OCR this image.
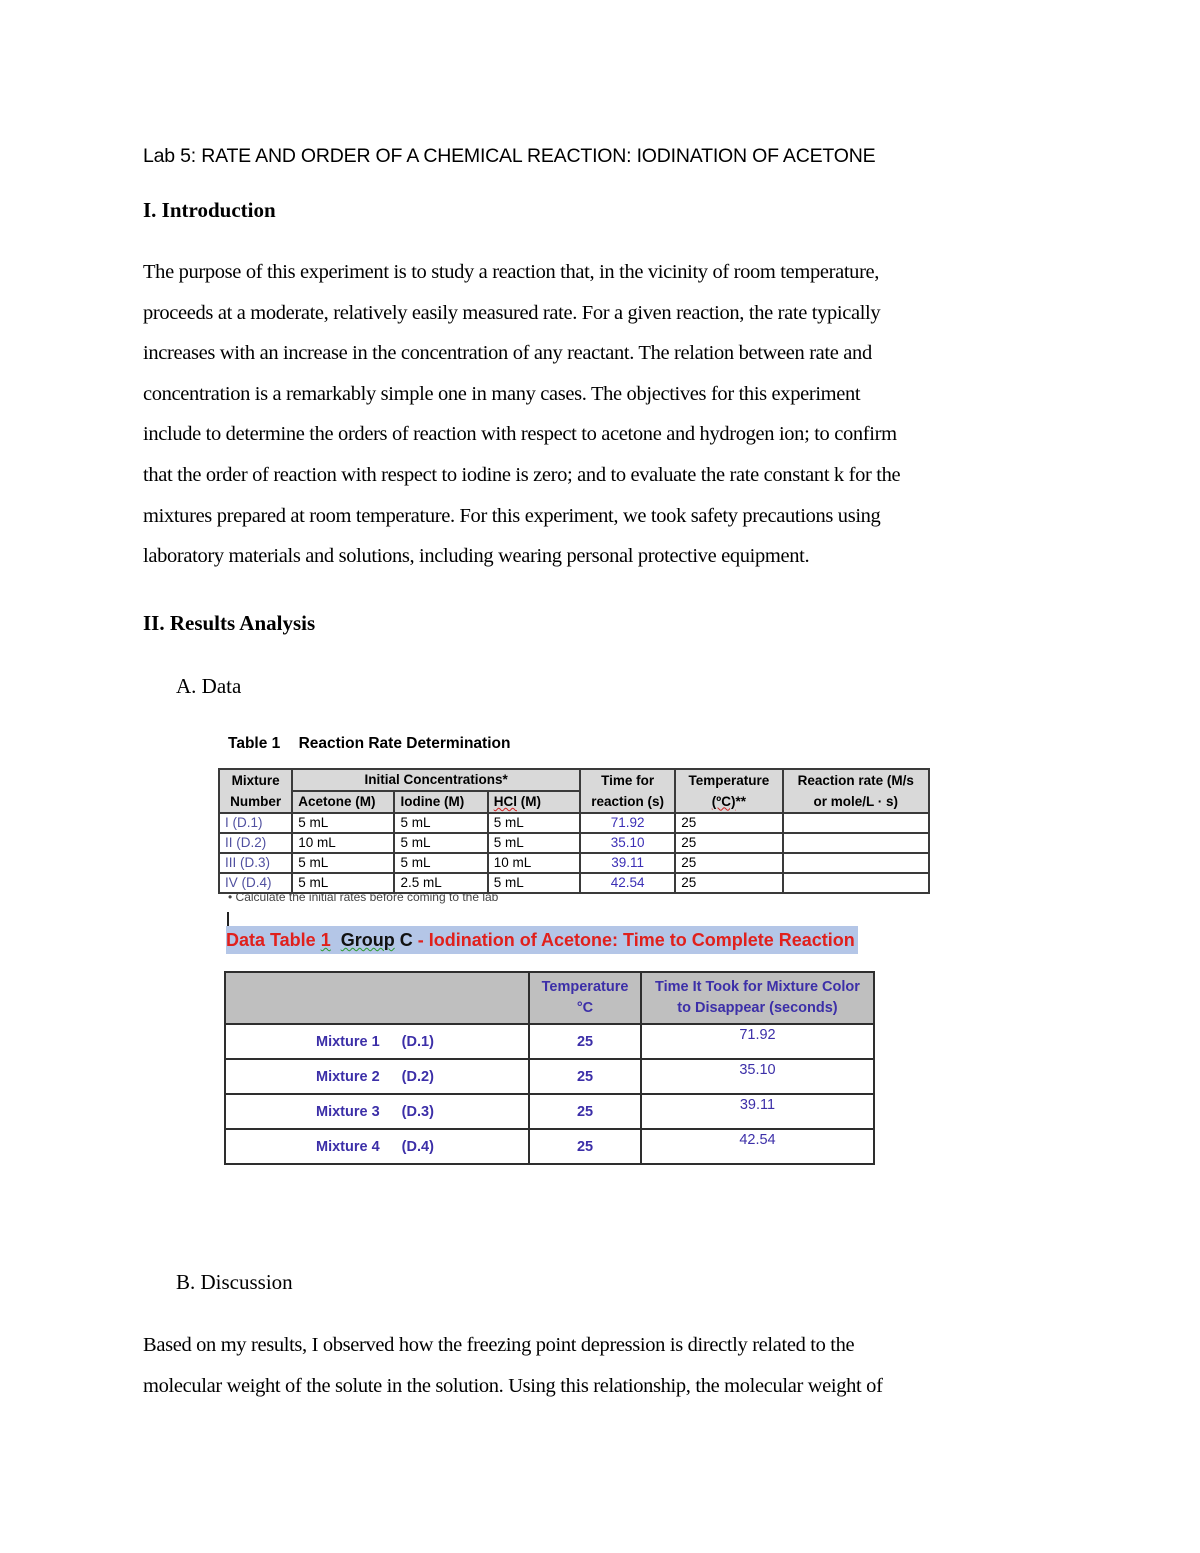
Lab 5: RATE AND ORDER OF A CHEMICAL REACTION: IODINATION OF ACETONE
I. Introduction
The purpose of this experiment is to study a reaction that, in the vicinity of room temperature,
proceeds at a moderate, relatively easily measured rate. For a given reaction, the rate typically
increases with an increase in the concentration of any reactant. The relation between rate and
concentration is a remarkably simple one in many cases. The objectives for this experiment
include to determine the orders of reaction with respect to acetone and hydrogen ion; to confirm
that the order of reaction with respect to iodine is zero; and to evaluate the rate constant k for the
mixtures prepared at room temperature. For this experiment, we took safety precautions using
laboratory materials and solutions, including wearing personal protective equipment.
II. Results Analysis
A. Data
Table 1 Reaction Rate Determination
Mixture	Initial Concentrations*			Time for	Temperature	Reaction rate (M/s
Number	Acetone (M)	Iodine (M)	HCl (M)	reaction (s)	(ºC)**	or mole/L · s)
I (D.1)	5 mL	5 mL	5 mL	71.92	25	
II (D.2)	10 mL	5 mL	5 mL	35.10	25	
III (D.3)	5 mL	5 mL	10 mL	39.11	25	
IV (D.4)	5 mL	2.5 mL	5 mL	42.54	25	
• Calculate the initial rates before coming to the lab
Data Table 1 Group C - Iodination of Acetone: Time to Complete Reaction
	Temperature
°C	Time It Took for Mixture Color
to Disappear (seconds)
Mixture 1 (D.1)	25	71.92
Mixture 2 (D.2)	25	35.10
Mixture 3 (D.3)	25	39.11
Mixture 4 (D.4)	25	42.54
B. Discussion
Based on my results, I observed how the freezing point depression is directly related to the
molecular weight of the solute in the solution. Using this relationship, the molecular weight of
